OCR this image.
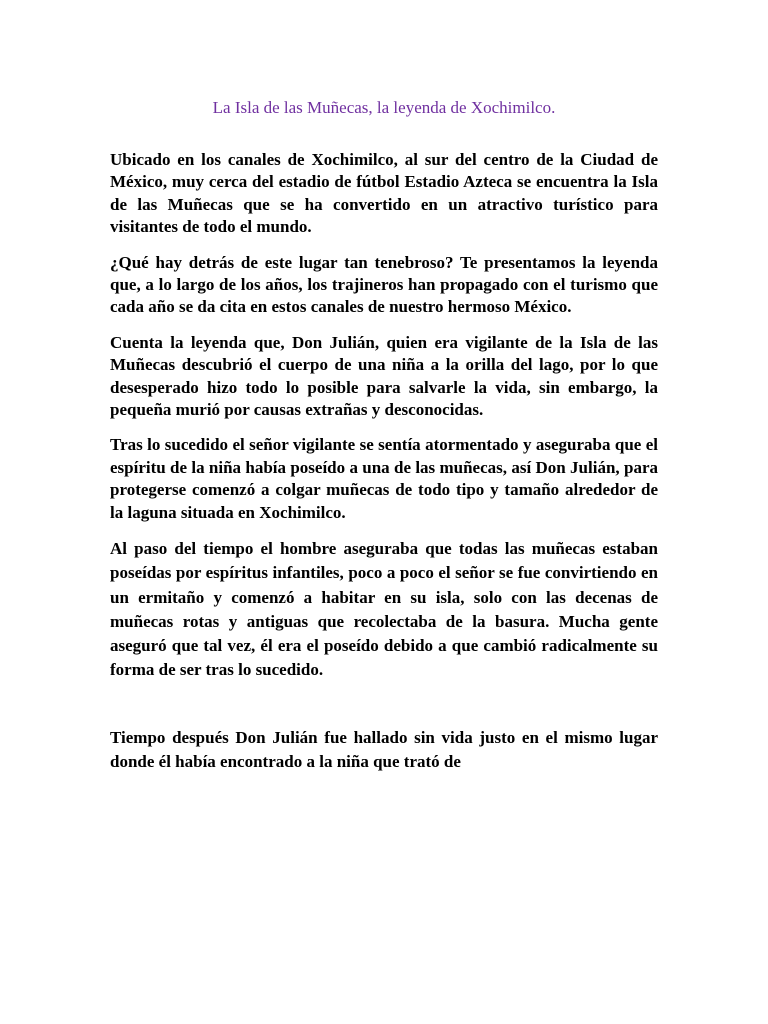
La Isla de las Muñecas, la leyenda de Xochimilco.

Ubicado en los canales de Xochimilco, al sur del centro de la Ciudad de México, muy cerca del estadio de fútbol Estadio Azteca se encuentra la Isla de las Muñecas que se ha convertido en un atractivo turístico para visitantes de todo el mundo.

¿Qué hay detrás de este lugar tan tenebroso? Te presentamos la leyenda que, a lo largo de los años, los trajineros han propagado con el turismo que cada año se da cita en estos canales de nuestro hermoso México.

Cuenta la leyenda que, Don Julián, quien era vigilante de la Isla de las Muñecas descubrió el cuerpo de una niña a la orilla del lago, por lo que desesperado hizo todo lo posible para salvarle la vida, sin embargo, la pequeña murió por causas extrañas y desconocidas.

Tras lo sucedido el señor vigilante se sentía atormentado y aseguraba que el espíritu de la niña había poseído a una de las muñecas, así Don Julián, para protegerse comenzó a colgar muñecas de todo tipo y tamaño alrededor de la laguna situada en Xochimilco.

Al paso del tiempo el hombre aseguraba que todas las muñecas estaban poseídas por espíritus infantiles, poco a poco el señor se fue convirtiendo en un ermitaño y comenzó a habitar en su isla, solo con las decenas de muñecas rotas y antiguas que recolectaba de la basura. Mucha gente aseguró que tal vez, él era el poseído debido a que cambió radicalmente su forma de ser tras lo sucedido.

Tiempo después Don Julián fue hallado sin vida justo en el mismo lugar donde él había encontrado a la niña que trató de
